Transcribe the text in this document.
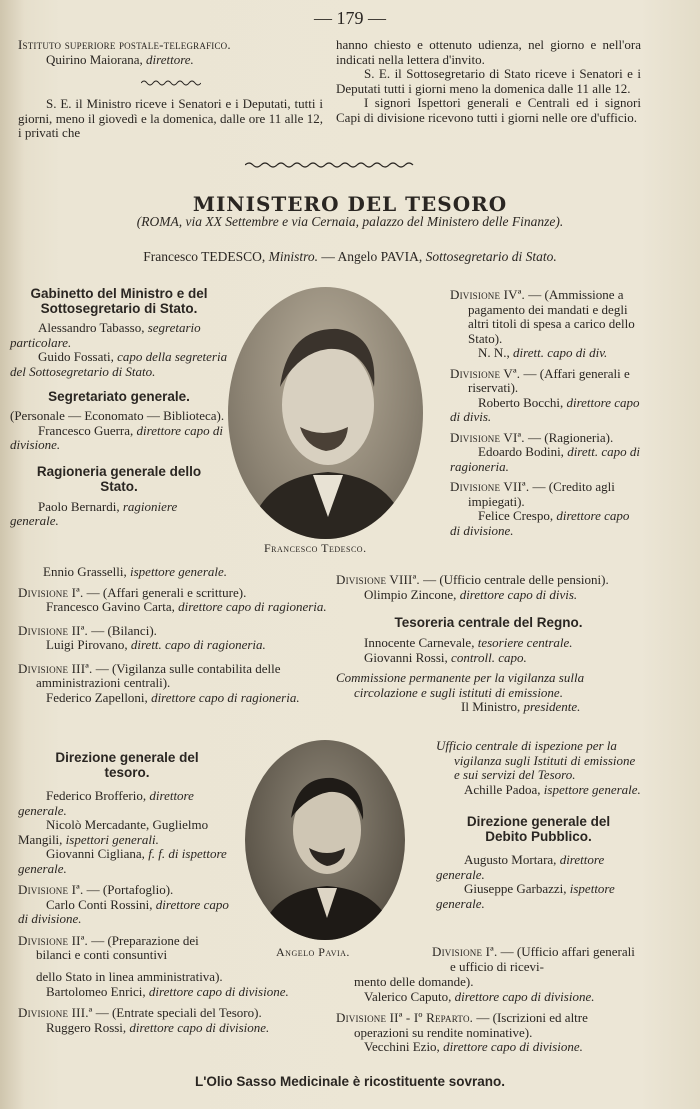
— 179 —

Istituto superiore postale-telegrafico.

Quirino Maiorana, direttore.

S. E. il Ministro riceve i Senatori e i Deputati, tutti i giorni, meno il giovedì e la domenica, dalle ore 11 alle 12, i privati che

hanno chiesto e ottenuto udienza, nel giorno e nell'ora indicati nella lettera d'invito.

S. E. il Sottosegretario di Stato riceve i Senatori e i Deputati tutti i giorni meno la domenica dalle 11 alle 12.

I signori Ispettori generali e Centrali ed i signori Capi di divisione ricevono tutti i giorni nelle ore d'ufficio.

MINISTERO DEL TESORO
(ROMA, via XX Settembre e via Cernaia, palazzo del Ministero delle Finanze).
Francesco TEDESCO, Ministro. — Angelo PAVIA, Sottosegretario di Stato.
Francesco Tedesco.
Angelo Pavia.
Gabinetto del Ministro e del Sottosegretario di Stato.

Alessandro Tabasso, segretario particolare.

Guido Fossati, capo della segreteria del Sottosegretario di Stato.

Segretariato generale.

(Personale — Economato — Biblioteca).

Francesco Guerra, direttore capo di divisione.

Ragioneria generale dello Stato.

Paolo Bernardi, ragioniere generale.

Ennio Grasselli, ispettore generale.

Divisione Iª. — (Affari generali e scritture).

Francesco Gavino Carta, direttore capo di ragioneria.

Divisione IIª. — (Bilanci).

Luigi Pirovano, dirett. capo di ragioneria.

Divisione IIIª. — (Vigilanza sulle contabilita delle amministrazioni centrali).

Federico Zapelloni, direttore capo di ragioneria.

Direzione generale del tesoro.

Federico Brofferio, direttore generale.

Nicolò Mercadante, Guglielmo Mangili, ispettori generali.

Giovanni Cigliana, f. f. di ispettore generale.

Divisione Iª. — (Portafoglio).

Carlo Conti Rossini, direttore capo di divisione.

Divisione IIª. — (Preparazione dei bilanci e conti consuntivi

dello Stato in linea amministrativa).

Bartolomeo Enrici, direttore capo di divisione.

Divisione III.ª — (Entrate speciali del Tesoro).

Ruggero Rossi, direttore capo di divisione.

Divisione IVª. — (Ammissione a pagamento dei mandati e degli altri titoli di spesa a carico dello Stato).

N. N., dirett. capo di div.

Divisione Vª. — (Affari generali e riservati).

Roberto Bocchi, direttore capo di divis.

Divisione VIª. — (Ragioneria).

Edoardo Bodini, dirett. capo di ragioneria.

Divisione VIIª. — (Credito agli impiegati).

Felice Crespo, direttore capo di divisione.

Divisione VIIIª. — (Ufficio centrale delle pensioni).

Olimpio Zincone, direttore capo di divis.

Tesoreria centrale del Regno.

Innocente Carnevale, tesoriere centrale.

Giovanni Rossi, controll. capo.

Commissione permanente per la vigilanza sulla circolazione e sugli istituti di emissione.

Il Ministro, presidente.

Ufficio centrale di ispezione per la vigilanza sugli Istituti di emissione e sui servizi del Tesoro.

Achille Padoa, ispettore generale.

Direzione generale del Debito Pubblico.

Augusto Mortara, direttore generale.

Giuseppe Garbazzi, ispettore generale.

Divisione Iª. — (Ufficio affari generali e ufficio di ricevi-

mento delle domande).

Valerico Caputo, direttore capo di divisione.

Divisione IIª - Iº Reparto. — (Iscrizioni ed altre operazioni su rendite nominative).

Vecchini Ezio, direttore capo di divisione.

L'Olio Sasso Medicinale è ricostituente sovrano.
